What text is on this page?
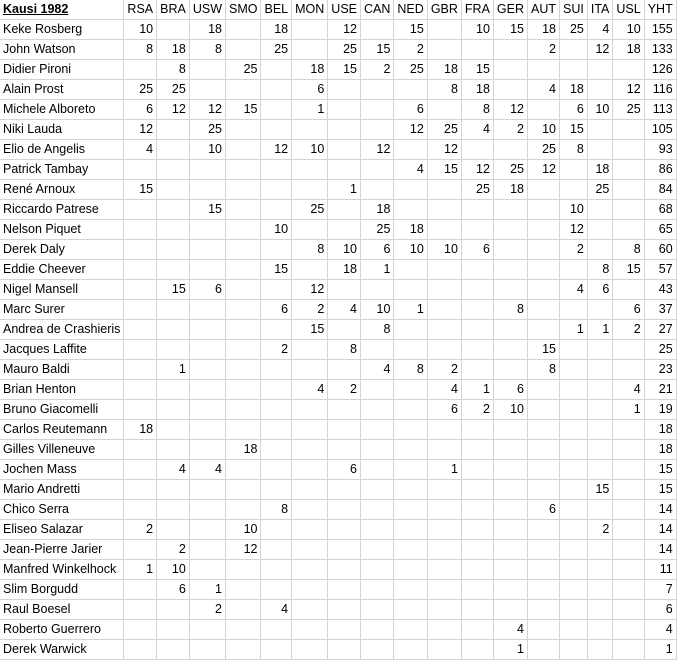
Kausi 1982	RSA	BRA	USW	SMO	BEL	MON	USE	CAN	NED	GBR	FRA	GER	AUT	SUI	ITA	USL	YHT
Keke Rosberg	10		18		18		12		15		10	15	18	25	4	10	155
John Watson	8	18	8		25		25	15	2				2		12	18	133
Didier Pironi		8		25		18	15	2	25	18	15						126
Alain Prost	25	25				6				8	18		4	18		12	116
Michele Alboreto	6	12	12	15		1			6		8	12		6	10	25	113
Niki Lauda	12		25						12	25	4	2	10	15			105
Elio de Angelis	4		10		12	10		12		12			25	8			93
Patrick Tambay									4	15	12	25	12		18		86
René Arnoux	15						1				25	18			25		84
Riccardo Patrese			15			25		18						10			68
Nelson Piquet					10			25	18					12			65
Derek Daly						8	10	6	10	10	6			2		8	60
Eddie Cheever					15		18	1							8	15	57
Nigel Mansell		15	6			12								4	6		43
Marc Surer					6	2	4	10	1			8				6	37
Andrea de Crashieris						15		8						1	1	2	27
Jacques Laffite					2		8						15				25
Mauro Baldi		1						4	8	2			8				23
Brian Henton						4	2			4	1	6				4	21
Bruno Giacomelli										6	2	10				1	19
Carlos Reutemann	18																18
Gilles Villeneuve				18													18
Jochen Mass		4	4				6			1							15
Mario Andretti															15		15
Chico Serra					8								6				14
Eliseo Salazar	2			10											2		14
Jean-Pierre Jarier		2		12													14
Manfred Winkelhock	1	10															11
Slim Borgudd		6	1														7
Raul Boesel			2		4												6
Roberto Guerrero												4					4
Derek Warwick												1					1
